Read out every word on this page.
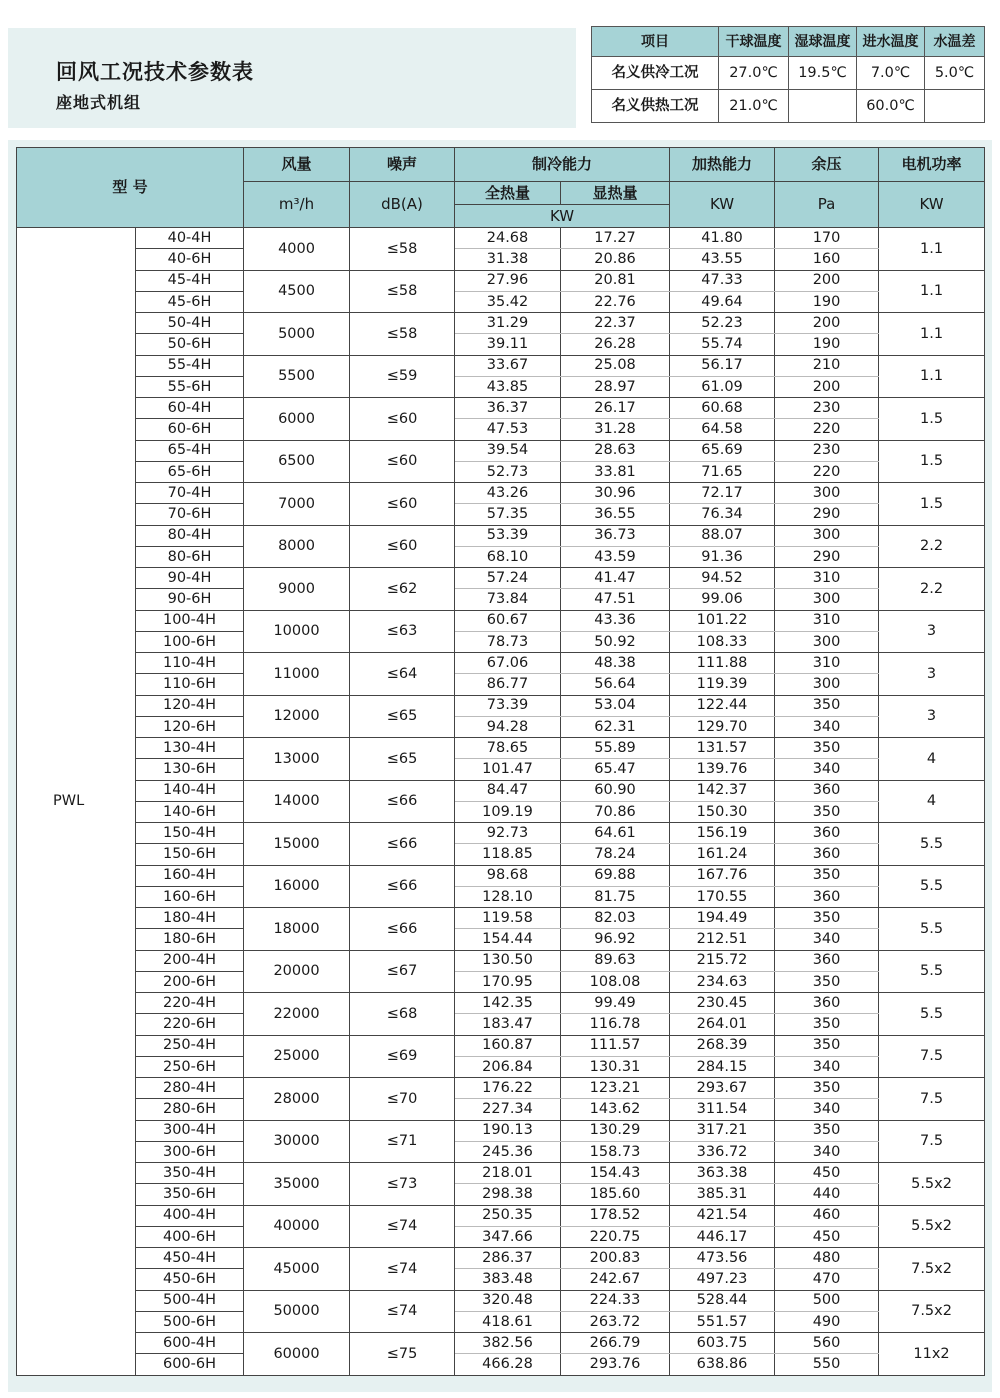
回风工况技术参数表
座地式机组
项目	干球温度	湿球温度	进水温度	水温差
名义供冷工况	27.0℃	19.5℃	7.0℃	5.0℃
名义供热工况	21.0℃		60.0℃	
型 号		风量	噪声	制冷能力		加热能力	余压	电机功率
		m³/h	dB(A)	全热量	显热量	KW	Pa	KW
				KW				
PWL	40-4H	4000	≤58	24.68	17.27	41.80	170	1.1
	40-6H			31.38	20.86	43.55	160	
	45-4H	4500	≤58	27.96	20.81	47.33	200	1.1
	45-6H			35.42	22.76	49.64	190	
	50-4H	5000	≤58	31.29	22.37	52.23	200	1.1
	50-6H			39.11	26.28	55.74	190	
	55-4H	5500	≤59	33.67	25.08	56.17	210	1.1
	55-6H			43.85	28.97	61.09	200	
	60-4H	6000	≤60	36.37	26.17	60.68	230	1.5
	60-6H			47.53	31.28	64.58	220	
	65-4H	6500	≤60	39.54	28.63	65.69	230	1.5
	65-6H			52.73	33.81	71.65	220	
	70-4H	7000	≤60	43.26	30.96	72.17	300	1.5
	70-6H			57.35	36.55	76.34	290	
	80-4H	8000	≤60	53.39	36.73	88.07	300	2.2
	80-6H			68.10	43.59	91.36	290	
	90-4H	9000	≤62	57.24	41.47	94.52	310	2.2
	90-6H			73.84	47.51	99.06	300	
	100-4H	10000	≤63	60.67	43.36	101.22	310	3
	100-6H			78.73	50.92	108.33	300	
	110-4H	11000	≤64	67.06	48.38	111.88	310	3
	110-6H			86.77	56.64	119.39	300	
	120-4H	12000	≤65	73.39	53.04	122.44	350	3
	120-6H			94.28	62.31	129.70	340	
	130-4H	13000	≤65	78.65	55.89	131.57	350	4
	130-6H			101.47	65.47	139.76	340	
	140-4H	14000	≤66	84.47	60.90	142.37	360	4
	140-6H			109.19	70.86	150.30	350	
	150-4H	15000	≤66	92.73	64.61	156.19	360	5.5
	150-6H			118.85	78.24	161.24	360	
	160-4H	16000	≤66	98.68	69.88	167.76	350	5.5
	160-6H			128.10	81.75	170.55	360	
	180-4H	18000	≤66	119.58	82.03	194.49	350	5.5
	180-6H			154.44	96.92	212.51	340	
	200-4H	20000	≤67	130.50	89.63	215.72	360	5.5
	200-6H			170.95	108.08	234.63	350	
	220-4H	22000	≤68	142.35	99.49	230.45	360	5.5
	220-6H			183.47	116.78	264.01	350	
	250-4H	25000	≤69	160.87	111.57	268.39	350	7.5
	250-6H			206.84	130.31	284.15	340	
	280-4H	28000	≤70	176.22	123.21	293.67	350	7.5
	280-6H			227.34	143.62	311.54	340	
	300-4H	30000	≤71	190.13	130.29	317.21	350	7.5
	300-6H			245.36	158.73	336.72	340	
	350-4H	35000	≤73	218.01	154.43	363.38	450	5.5x2
	350-6H			298.38	185.60	385.31	440	
	400-4H	40000	≤74	250.35	178.52	421.54	460	5.5x2
	400-6H			347.66	220.75	446.17	450	
	450-4H	45000	≤74	286.37	200.83	473.56	480	7.5x2
	450-6H			383.48	242.67	497.23	470	
	500-4H	50000	≤74	320.48	224.33	528.44	500	7.5x2
	500-6H			418.61	263.72	551.57	490	
	600-4H	60000	≤75	382.56	266.79	603.75	560	11x2
	600-6H			466.28	293.76	638.86	550	
